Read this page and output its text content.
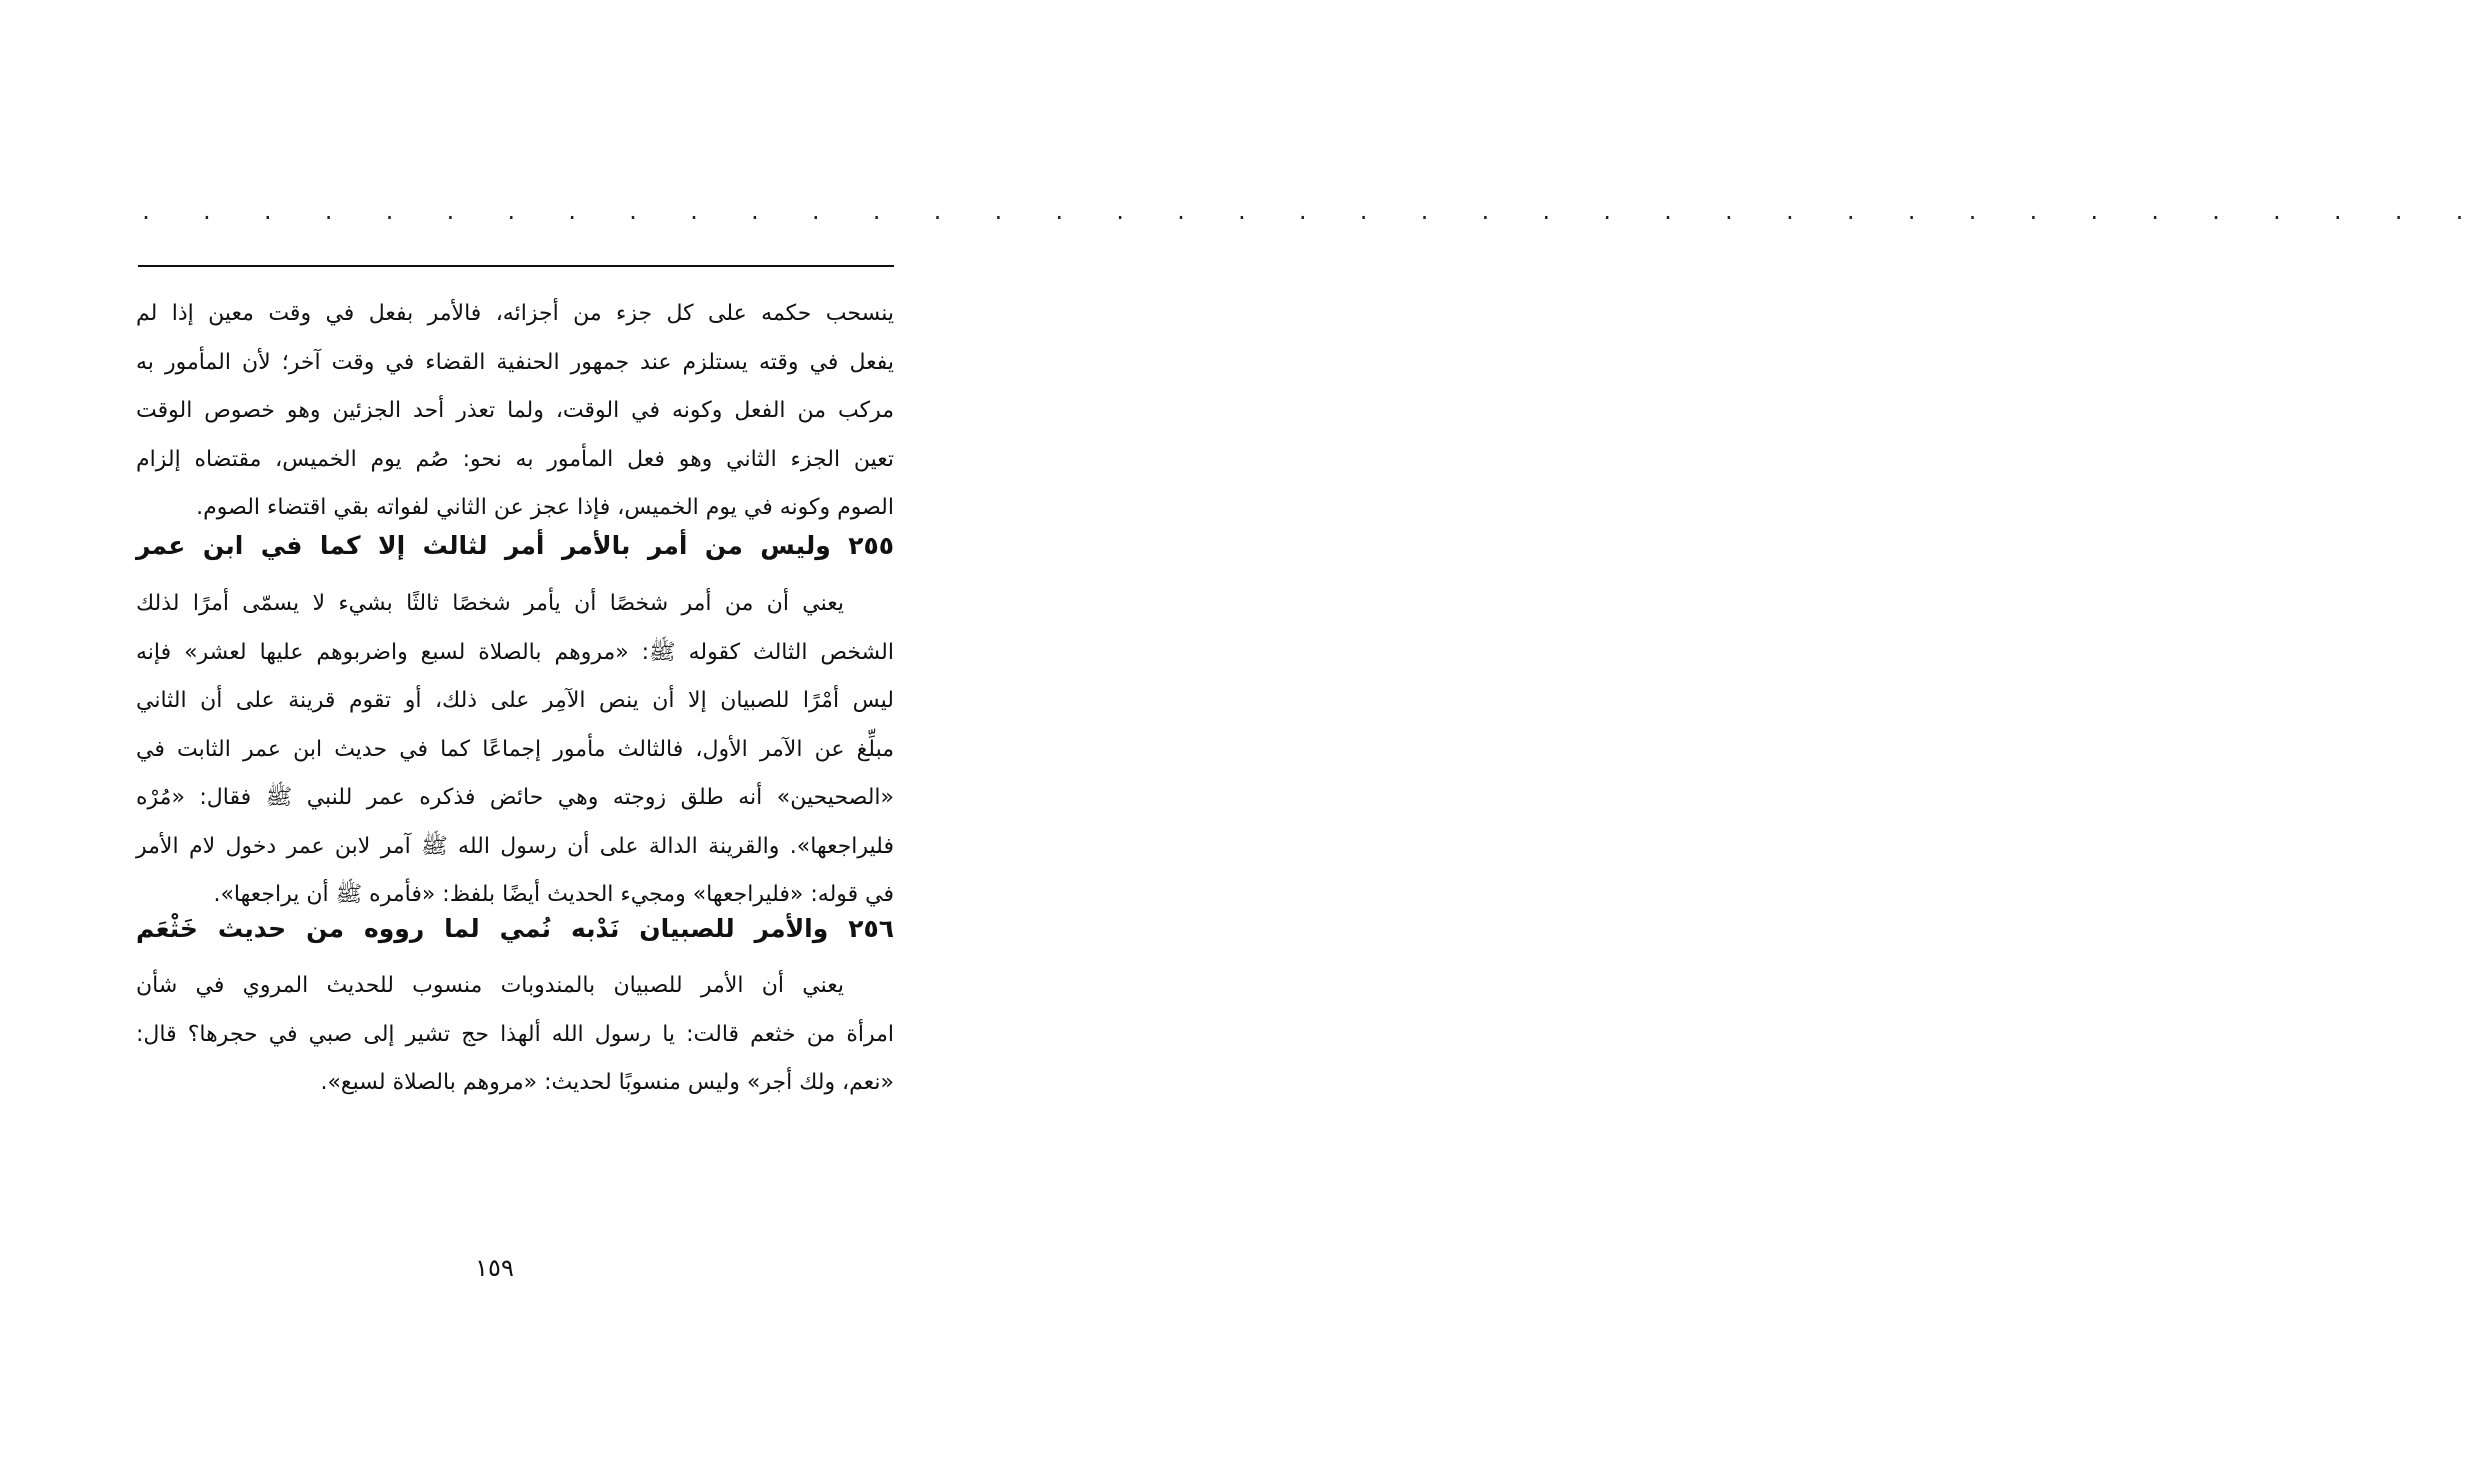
. . . . . . . . . . . . . . . . . . . . . . . . . . . . . . . . . . . . . . .
ينسحب حكمه على كل جزء من أجزائه، فالأمر بفعل في وقت معين إذا لم
يفعل في وقته يستلزم عند جمهور الحنفية القضاء في وقت آخر؛ لأن المأمور به
مركب من الفعل وكونه في الوقت، ولما تعذر أحد الجزئين وهو خصوص الوقت
تعين الجزء الثاني وهو فعل المأمور به نحو: صُم يوم الخميس، مقتضاه إلزام
الصوم وكونه في يوم الخميس، فإذا عجز عن الثاني لفواته بقي اقتضاء الصوم.
٢٥٥ وليس من أمر بالأمر أمر لثالث إلا كما في ابن عمر
يعني أن من أمر شخصًا أن يأمر شخصًا ثالثًا بشيء لا يسمّى أمرًا لذلك
الشخص الثالث كقوله ﷺ: «مروهم بالصلاة لسبع واضربوهم عليها لعشر» فإنه
ليس أمْرًا للصبيان إلا أن ينص الآمِر على ذلك، أو تقوم قرينة على أن الثاني
مبلِّغ عن الآمر الأول، فالثالث مأمور إجماعًا كما في حديث ابن عمر الثابت في
«الصحيحين» أنه طلق زوجته وهي حائض فذكره عمر للنبي ﷺ فقال: «مُرْه
فليراجعها». والقرينة الدالة على أن رسول الله ﷺ آمر لابن عمر دخول لام الأمر
في قوله: «فليراجعها» ومجيء الحديث أيضًا بلفظ: «فأمره ﷺ أن يراجعها».
٢٥٦ والأمر للصبيان نَدْبه نُمي لما رووه من حديث خَثْعَم
يعني أن الأمر للصبيان بالمندوبات منسوب للحديث المروي في شأن
امرأة من خثعم قالت: يا رسول الله ألهذا حج تشير إلى صبي في حجرها؟ قال:
«نعم، ولك أجر» وليس منسوبًا لحديث: «مروهم بالصلاة لسبع».
١٥٩
